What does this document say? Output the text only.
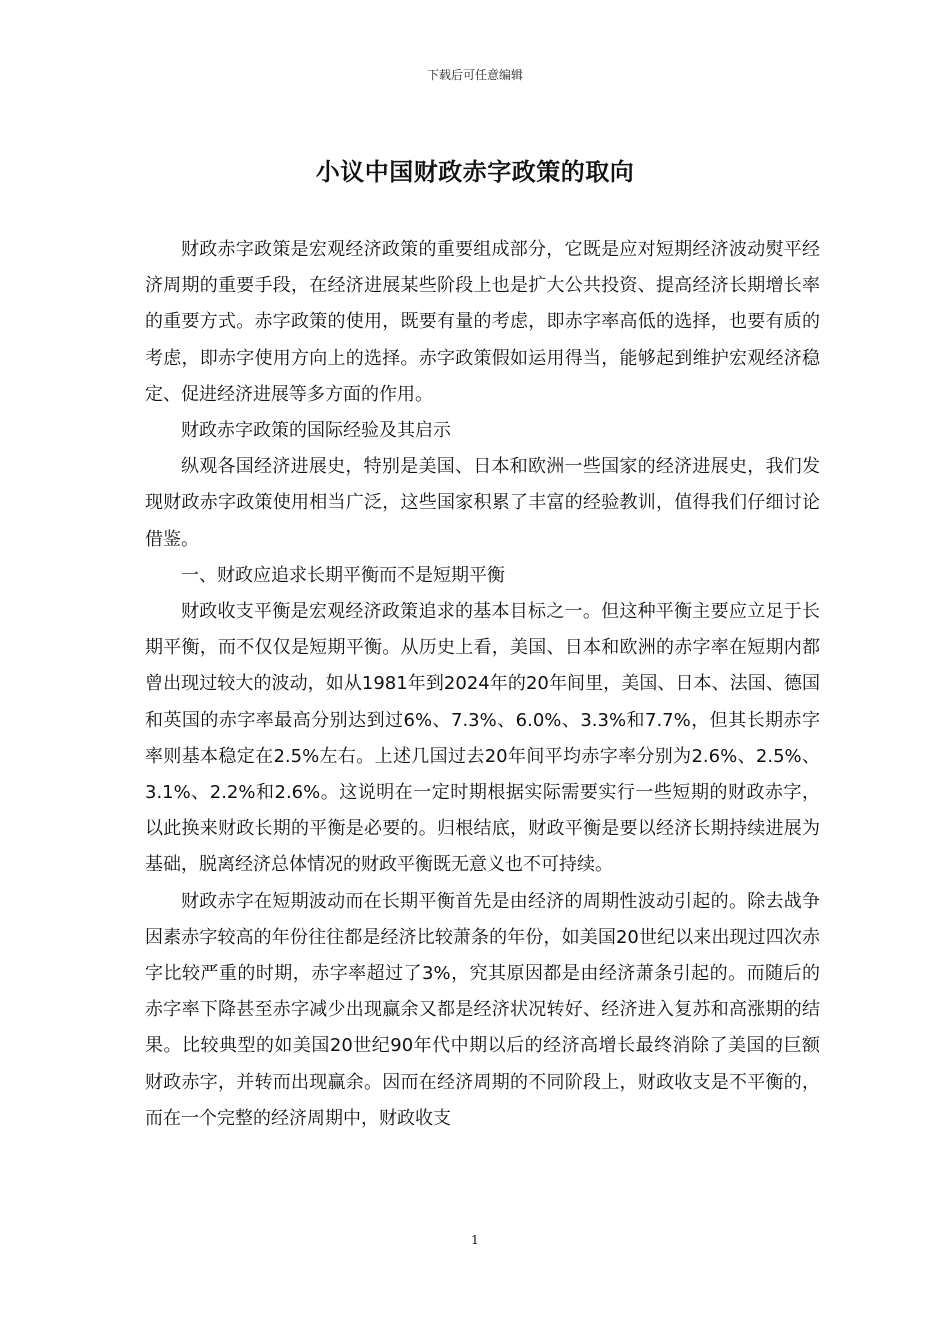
下载后可任意编辑
小议中国财政赤字政策的取向

财政赤字政策是宏观经济政策的重要组成部分，它既是应对短期经济波动熨平经济周期的重要手段，在经济进展某些阶段上也是扩大公共投资、提高经济长期增长率的重要方式。赤字政策的使用，既要有量的考虑，即赤字率高低的选择，也要有质的考虑，即赤字使用方向上的选择。赤字政策假如运用得当，能够起到维护宏观经济稳定、促进经济进展等多方面的作用。

财政赤字政策的国际经验及其启示

纵观各国经济进展史，特别是美国、日本和欧洲一些国家的经济进展史，我们发现财政赤字政策使用相当广泛，这些国家积累了丰富的经验教训，值得我们仔细讨论借鉴。

一、财政应追求长期平衡而不是短期平衡

财政收支平衡是宏观经济政策追求的基本目标之一。但这种平衡主要应立足于长期平衡，而不仅仅是短期平衡。从历史上看，美国、日本和欧洲的赤字率在短期内都曾出现过较大的波动，如从1981年到2024年的20年间里，美国、日本、法国、德国和英国的赤字率最高分别达到过6%、7.3%、6.0%、3.3%和7.7%，但其长期赤字率则基本稳定在2.5%左右。上述几国过去20年间平均赤字率分别为2.6%、2.5%、3.1%、2.2%和2.6%。这说明在一定时期根据实际需要实行一些短期的财政赤字，以此换来财政长期的平衡是必要的。归根结底，财政平衡是要以经济长期持续进展为基础，脱离经济总体情况的财政平衡既无意义也不可持续。

财政赤字在短期波动而在长期平衡首先是由经济的周期性波动引起的。除去战争因素赤字较高的年份往往都是经济比较萧条的年份，如美国20世纪以来出现过四次赤字比较严重的时期，赤字率超过了3%，究其原因都是由经济萧条引起的。而随后的赤字率下降甚至赤字减少出现赢余又都是经济状况转好、经济进入复苏和高涨期的结果。比较典型的如美国20世纪90年代中期以后的经济高增长最终消除了美国的巨额财政赤字，并转而出现赢余。因而在经济周期的不同阶段上，财政收支是不平衡的，而在一个完整的经济周期中，财政收支

1
